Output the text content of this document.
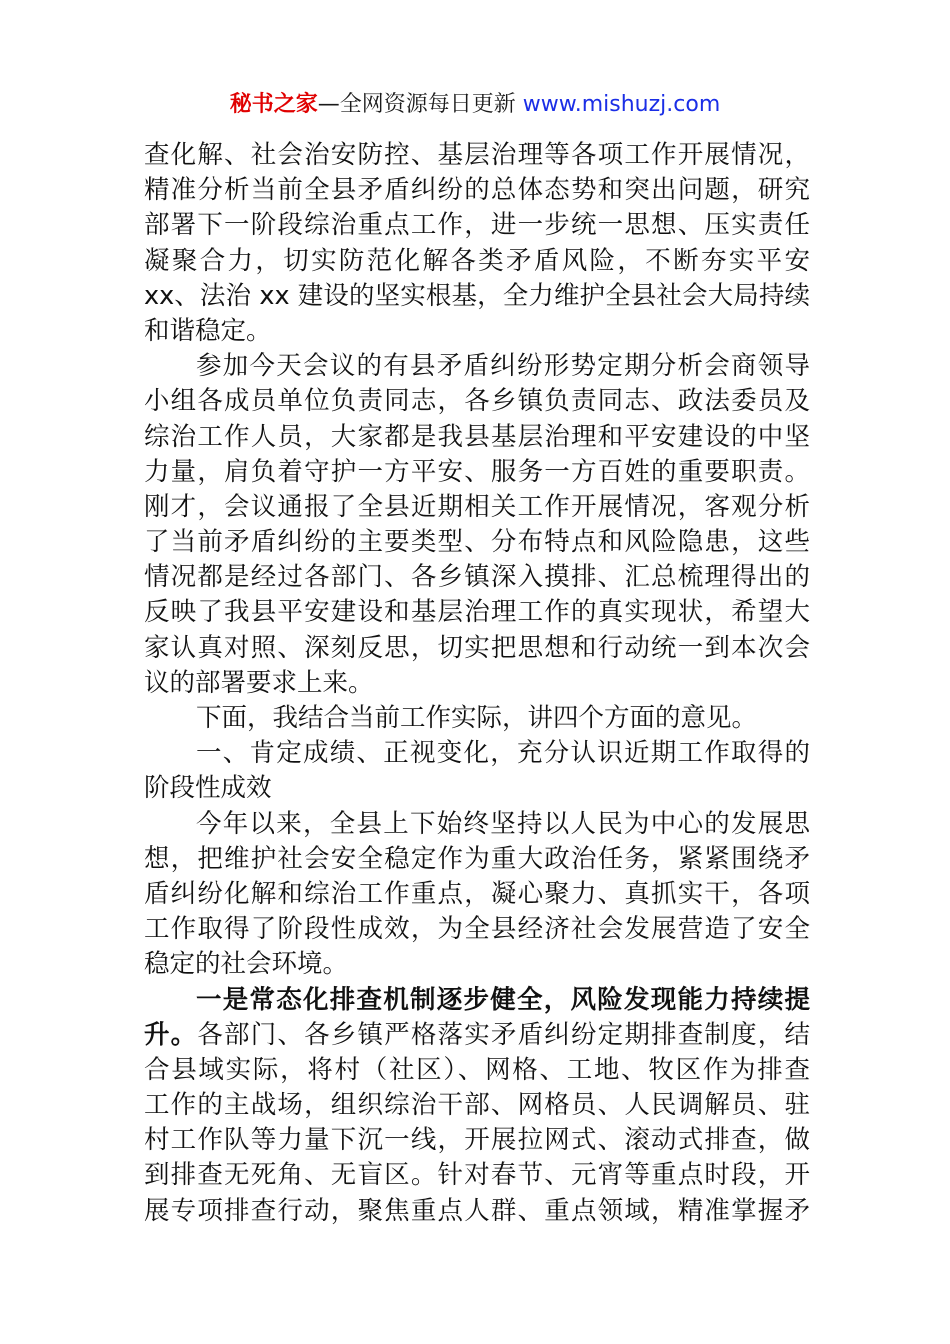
秘书之家—全网资源每日更新 www.mishuzj.com
查化解、社会治安防控、基层治理等各项工作开展情况，
精准分析当前全县矛盾纠纷的总体态势和突出问题，研究
部署下一阶段综治重点工作，进一步统一思想、压实责任
凝聚合力，切实防范化解各类矛盾风险，不断夯实平安
xx、法治 xx 建设的坚实根基，全力维护全县社会大局持续
和谐稳定。
参加今天会议的有县矛盾纠纷形势定期分析会商领导
小组各成员单位负责同志，各乡镇负责同志、政法委员及
综治工作人员，大家都是我县基层治理和平安建设的中坚
力量，肩负着守护一方平安、服务一方百姓的重要职责。
刚才，会议通报了全县近期相关工作开展情况，客观分析
了当前矛盾纠纷的主要类型、分布特点和风险隐患，这些
情况都是经过各部门、各乡镇深入摸排、汇总梳理得出的
反映了我县平安建设和基层治理工作的真实现状，希望大
家认真对照、深刻反思，切实把思想和行动统一到本次会
议的部署要求上来。
下面，我结合当前工作实际，讲四个方面的意见。
一、肯定成绩、正视变化，充分认识近期工作取得的
阶段性成效
今年以来，全县上下始终坚持以人民为中心的发展思
想，把维护社会安全稳定作为重大政治任务，紧紧围绕矛
盾纠纷化解和综治工作重点，凝心聚力、真抓实干，各项
工作取得了阶段性成效，为全县经济社会发展营造了安全
稳定的社会环境。
一是常态化排查机制逐步健全，风险发现能力持续提
升。各部门、各乡镇严格落实矛盾纠纷定期排查制度，结
合县域实际，将村（社区）、网格、工地、牧区作为排查
工作的主战场，组织综治干部、网格员、人民调解员、驻
村工作队等力量下沉一线，开展拉网式、滚动式排查，做
到排查无死角、无盲区。针对春节、元宵等重点时段，开
展专项排查行动，聚焦重点人群、重点领域，精准掌握矛
